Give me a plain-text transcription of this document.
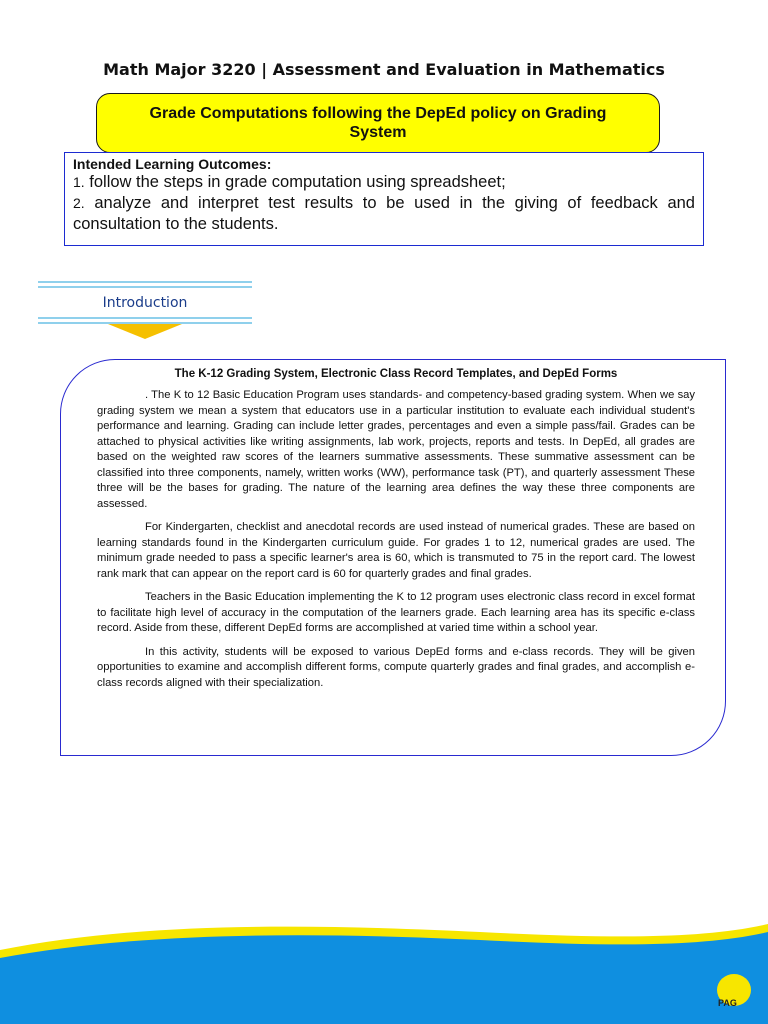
Math Major 3220 | Assessment and Evaluation in Mathematics
Grade Computations following the DepEd policy on Grading System
Intended Learning Outcomes:
1. follow the steps in grade computation using spreadsheet;
2. analyze and interpret test results to be used in the giving of feedback and consultation to the students.
Introduction
The K-12 Grading System, Electronic Class Record Templates, and DepEd Forms

. The K to 12 Basic Education Program uses standards- and competency-based grading system. When we say grading system we mean a system that educators use in a particular institution to evaluate each individual student's performance and learning. Grading can include letter grades, percentages and even a simple pass/fail. Grades can be attached to physical activities like writing assignments, lab work, projects, reports and tests. In DepEd, all grades are based on the weighted raw scores of the learners summative assessments. These summative assessment can be classified into three components, namely, written works (WW), performance task (PT), and quarterly assessment These three will be the bases for grading. The nature of the learning area defines the way these three components are assessed.

For Kindergarten, checklist and anecdotal records are used instead of numerical grades. These are based on learning standards found in the Kindergarten curriculum guide. For grades 1 to 12, numerical grades are used. The minimum grade needed to pass a specific learner's area is 60, which is transmuted to 75 in the report card. The lowest rank mark that can appear on the report card is 60 for quarterly grades and final grades.

Teachers in the Basic Education implementing the K to 12 program uses electronic class record in excel format to facilitate high level of accuracy in the computation of the learners grade. Each learning area has its specific e-class record. Aside from these, different DepEd forms are accomplished at varied time within a school year.

In this activity, students will be exposed to various DepEd forms and e-class records. They will be given opportunities to examine and accomplish different forms, compute quarterly grades and final grades, and accomplish e-class records aligned with their specialization.

PAG
